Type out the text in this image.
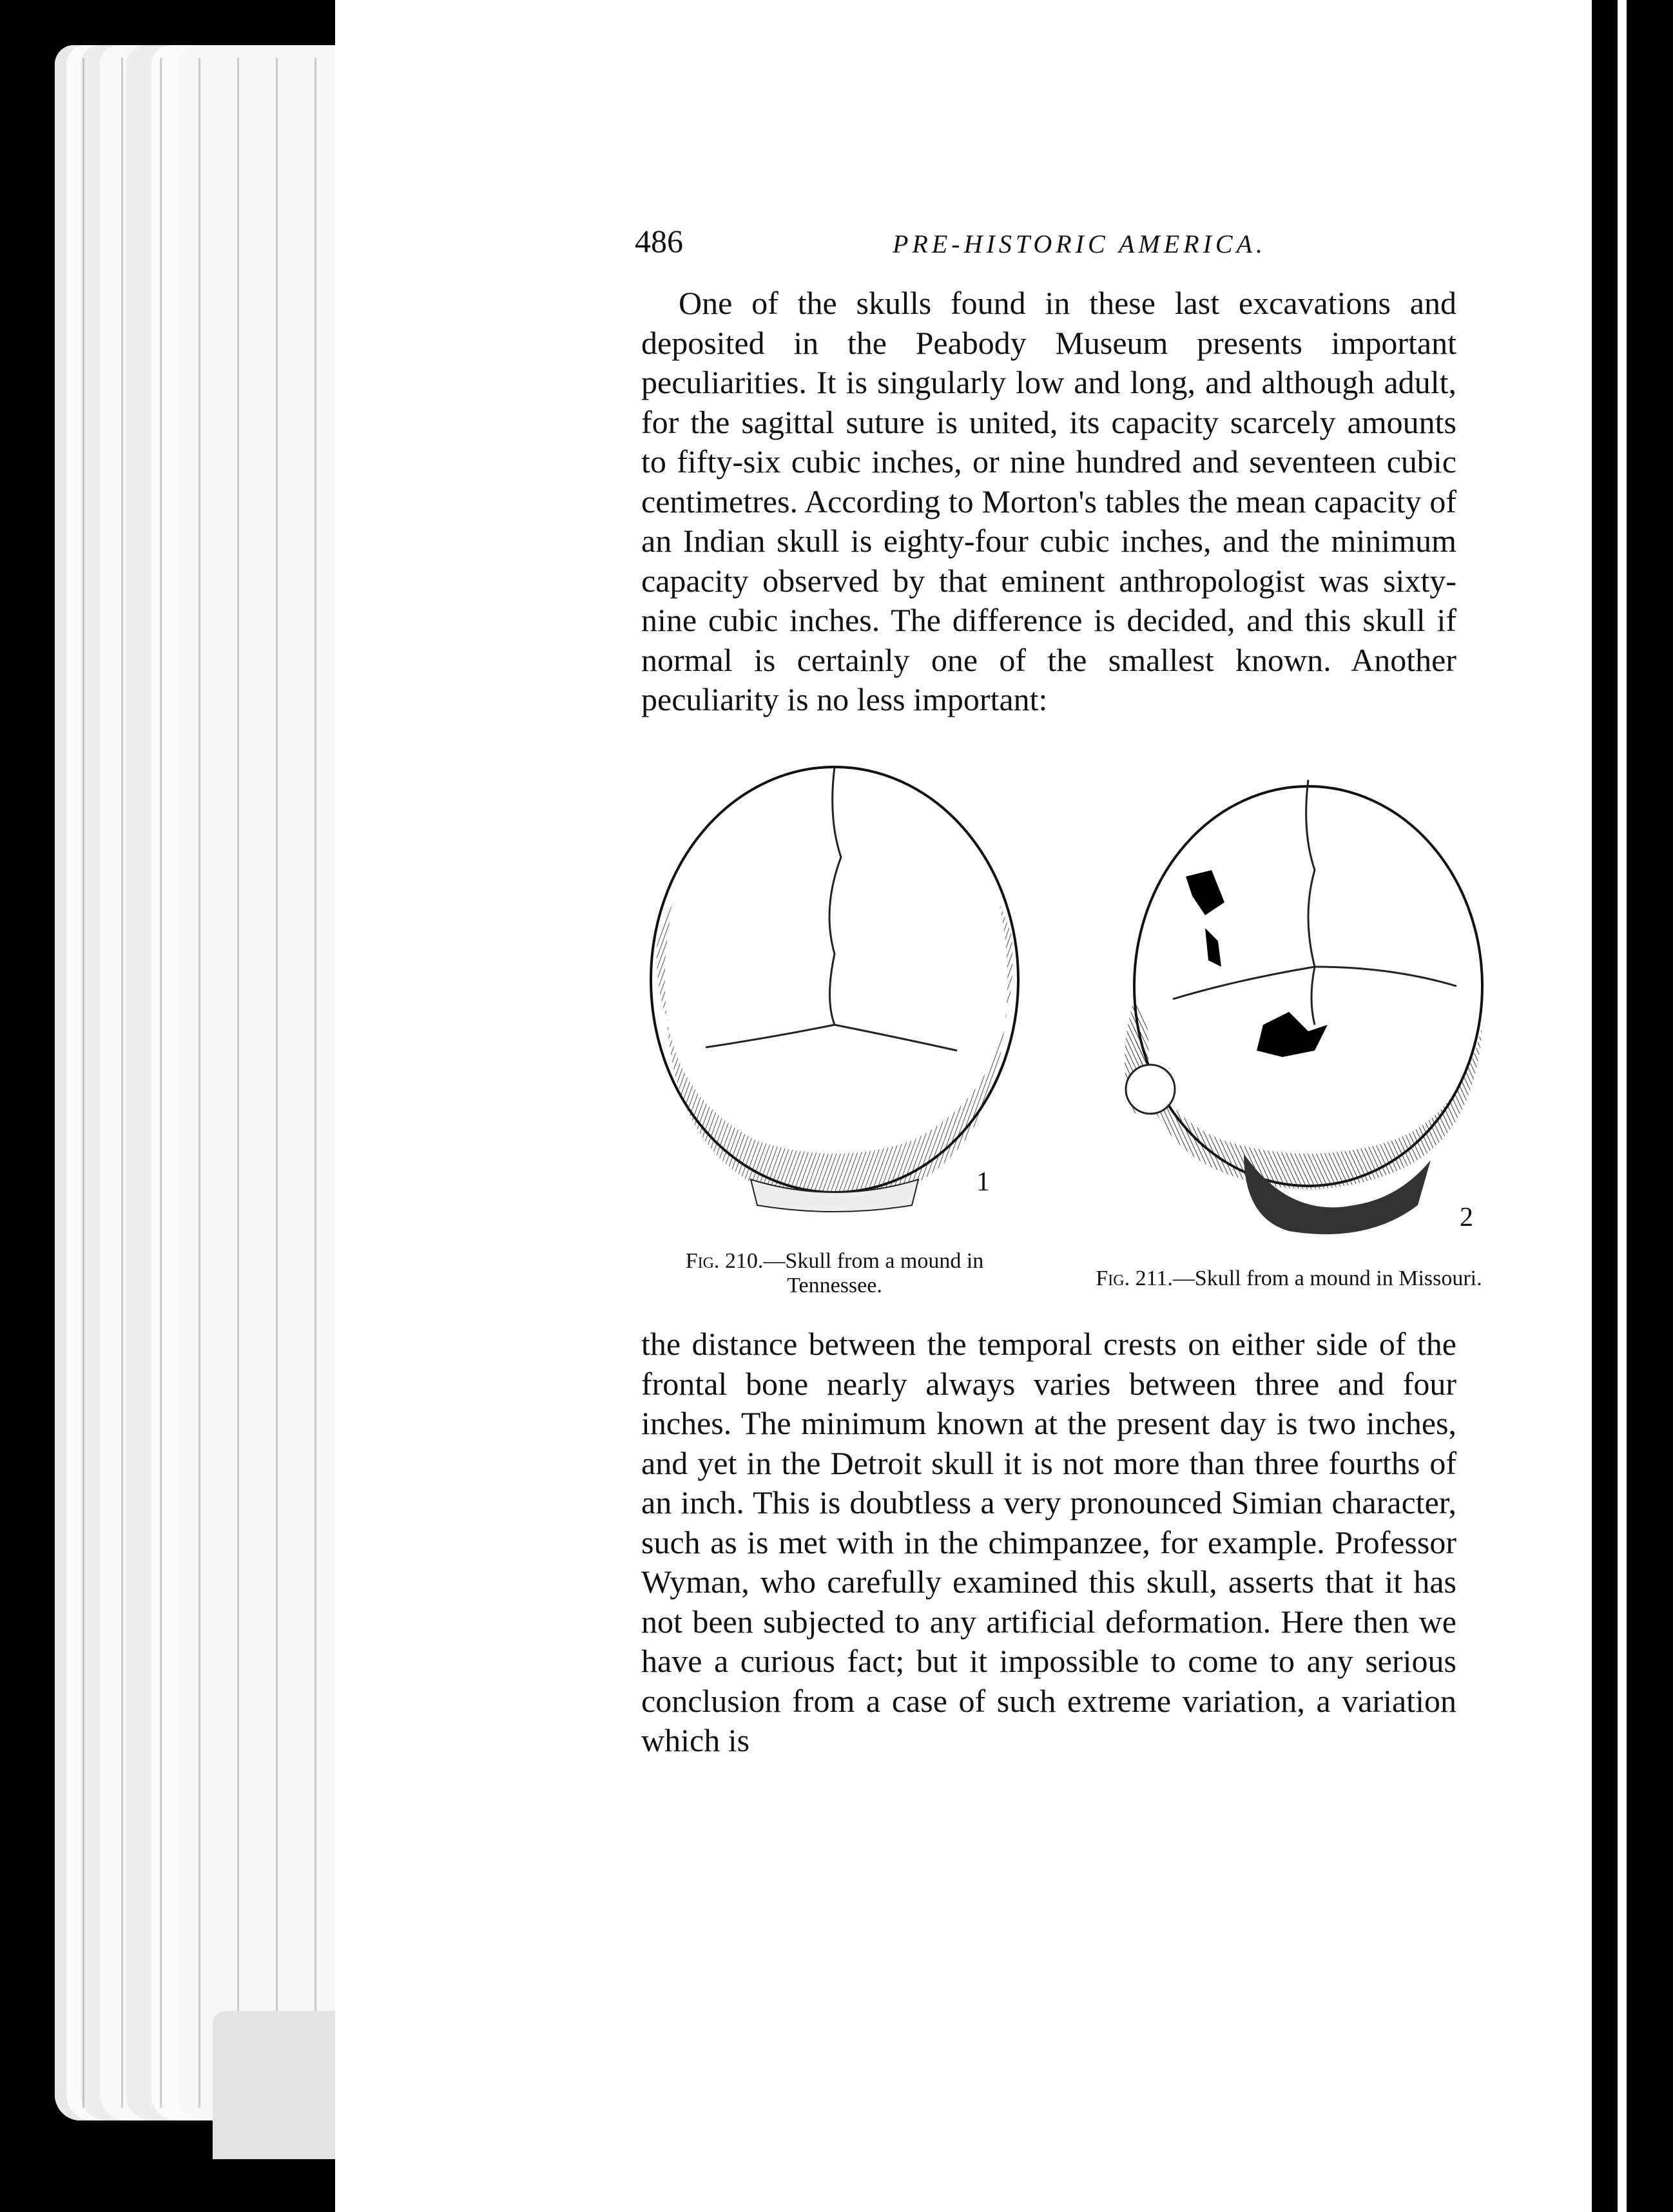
486	PRE-HISTORIC AMERICA.
One of the skulls found in these last excavations and deposited in the Peabody Museum presents important peculiarities. It is singularly low and long, and although adult, for the sagittal suture is united, its capacity scarcely amounts to fifty-six cubic inches, or nine hundred and seventeen cubic centimetres. According to Morton's tables the mean capacity of an Indian skull is eighty-four cubic inches, and the minimum capacity observed by that eminent anthropologist was sixty-nine cubic inches. The difference is decided, and this skull if normal is certainly one of the smallest known. Another peculiarity is no less important:
1
2
Fig. 210.—Skull from a mound in Tennessee.	Fig. 211.—Skull from a mound in Missouri.
the distance between the temporal crests on either side of the frontal bone nearly always varies between three and four inches. The minimum known at the present day is two inches, and yet in the Detroit skull it is not more than three fourths of an inch. This is doubtless a very pronounced Simian character, such as is met with in the chimpanzee, for example. Professor Wyman, who carefully examined this skull, asserts that it has not been subjected to any artificial deformation. Here then we have a curious fact; but it impossible to come to any serious conclusion from a case of such extreme variation, a variation which is
